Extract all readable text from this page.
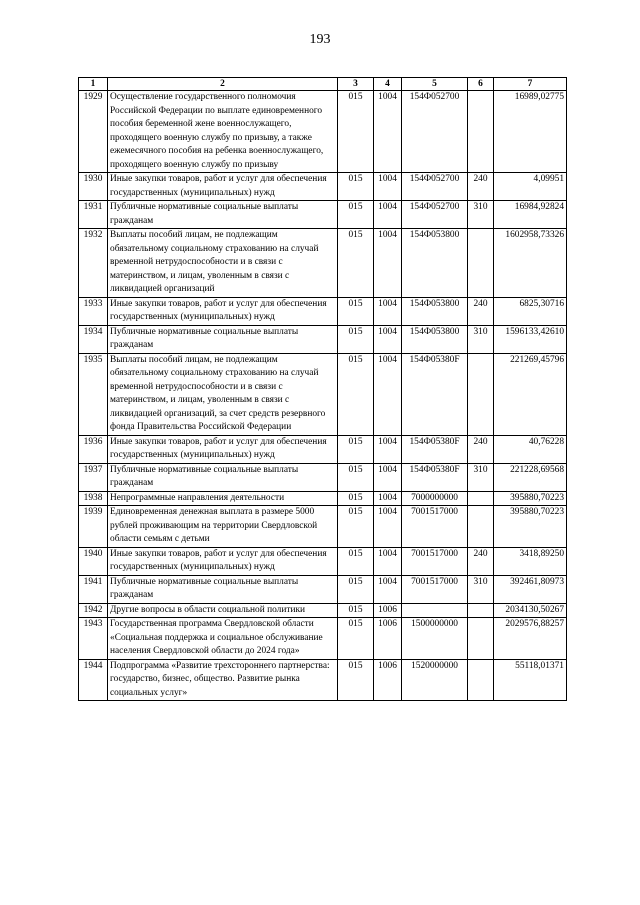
193
1	2	3	4	5	6	7
1929	Осуществление государственного полномочия Российской Федерации по выплате единовременного пособия беременной жене военнослужащего, проходящего военную службу по призыву, а также ежемесячного пособия на ребенка военнослужащего, проходящего военную службу по призыву	015	1004	154Ф052700		16989,02775
1930	Иные закупки товаров, работ и услуг для обеспечения государственных (муниципальных) нужд	015	1004	154Ф052700	240	4,09951
1931	Публичные нормативные социальные выплаты гражданам	015	1004	154Ф052700	310	16984,92824
1932	Выплаты пособий лицам, не подлежащим обязательному социальному страхованию на случай временной нетрудоспособности и в связи с материнством, и лицам, уволенным в связи с ликвидацией организаций	015	1004	154Ф053800		1602958,73326
1933	Иные закупки товаров, работ и услуг для обеспечения государственных (муниципальных) нужд	015	1004	154Ф053800	240	6825,30716
1934	Публичные нормативные социальные выплаты гражданам	015	1004	154Ф053800	310	1596133,42610
1935	Выплаты пособий лицам, не подлежащим обязательному социальному страхованию на случай временной нетрудоспособности и в связи с материнством, и лицам, уволенным в связи с ликвидацией организаций, за счет средств резервного фонда Правительства Российской Федерации	015	1004	154Ф05380F		221269,45796
1936	Иные закупки товаров, работ и услуг для обеспечения государственных (муниципальных) нужд	015	1004	154Ф05380F	240	40,76228
1937	Публичные нормативные социальные выплаты гражданам	015	1004	154Ф05380F	310	221228,69568
1938	Непрограммные направления деятельности	015	1004	7000000000		395880,70223
1939	Единовременная денежная выплата в размере 5000 рублей проживающим на территории Свердловской области семьям с детьми	015	1004	7001517000		395880,70223
1940	Иные закупки товаров, работ и услуг для обеспечения государственных (муниципальных) нужд	015	1004	7001517000	240	3418,89250
1941	Публичные нормативные социальные выплаты гражданам	015	1004	7001517000	310	392461,80973
1942	Другие вопросы в области социальной политики	015	1006			2034130,50267
1943	Государственная программа Свердловской области «Социальная поддержка и социальное обслуживание населения Свердловской области до 2024 года»	015	1006	1500000000		2029576,88257
1944	Подпрограмма «Развитие трехстороннего партнерства: государство, бизнес, общество. Развитие рынка социальных услуг»	015	1006	1520000000		55118,01371
